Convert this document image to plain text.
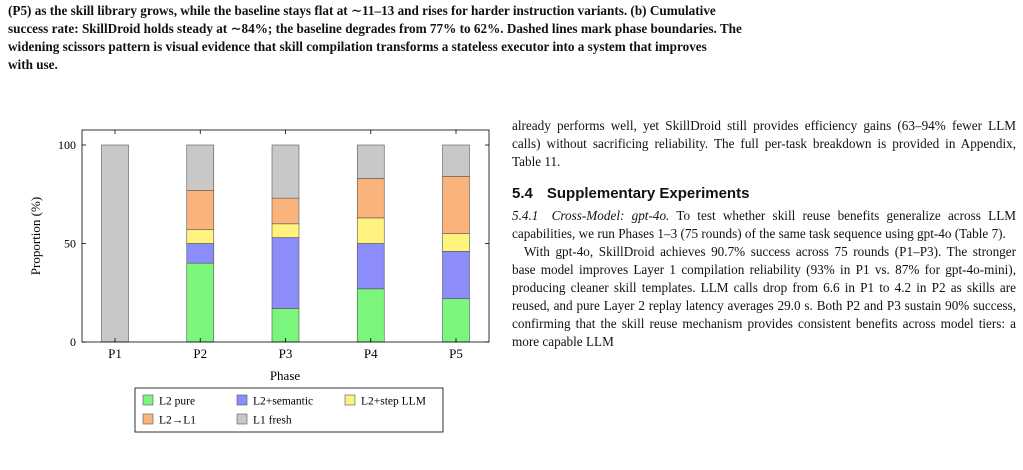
(P5) as the skill library grows, while the baseline stays flat at ∼11–13 and rises for harder instruction variants. (b) Cumulative

success rate: SkillDroid holds steady at ∼84%; the baseline degrades from 77% to 62%. Dashed lines mark phase boundaries. The

widening scissors pattern is visual evidence that skill compilation transforms a stateless executor into a system that improves

with use.

P1	P2	P3	P4	P5
0
50
100
Proportion (%)
Phase
L2 pure	L2+semantic	L2+step LLM
L2→L1	L1 fresh

already performs well, yet SkillDroid still provides efficiency gains (63–94% fewer LLM calls) without sacrificing reliability. The full per-task breakdown is provided in Appendix, Table 11.

5.4 Supplementary Experiments

5.4.1 Cross-Model: gpt-4o. To test whether skill reuse benefits generalize across LLM capabilities, we run Phases 1–3 (75 rounds) of the same task sequence using gpt-4o (Table 7).

With gpt-4o, SkillDroid achieves 90.7% success across 75 rounds (P1–P3). The stronger base model improves Layer 1 compilation reliability (93% in P1 vs. 87% for gpt-4o-mini), producing cleaner skill templates. LLM calls drop from 6.6 in P1 to 4.2 in P2 as skills are reused, and pure Layer 2 replay latency averages 29.0 s. Both P2 and P3 sustain 90% success, confirming that the skill reuse mechanism provides consistent benefits across model tiers: a more capable LLM
